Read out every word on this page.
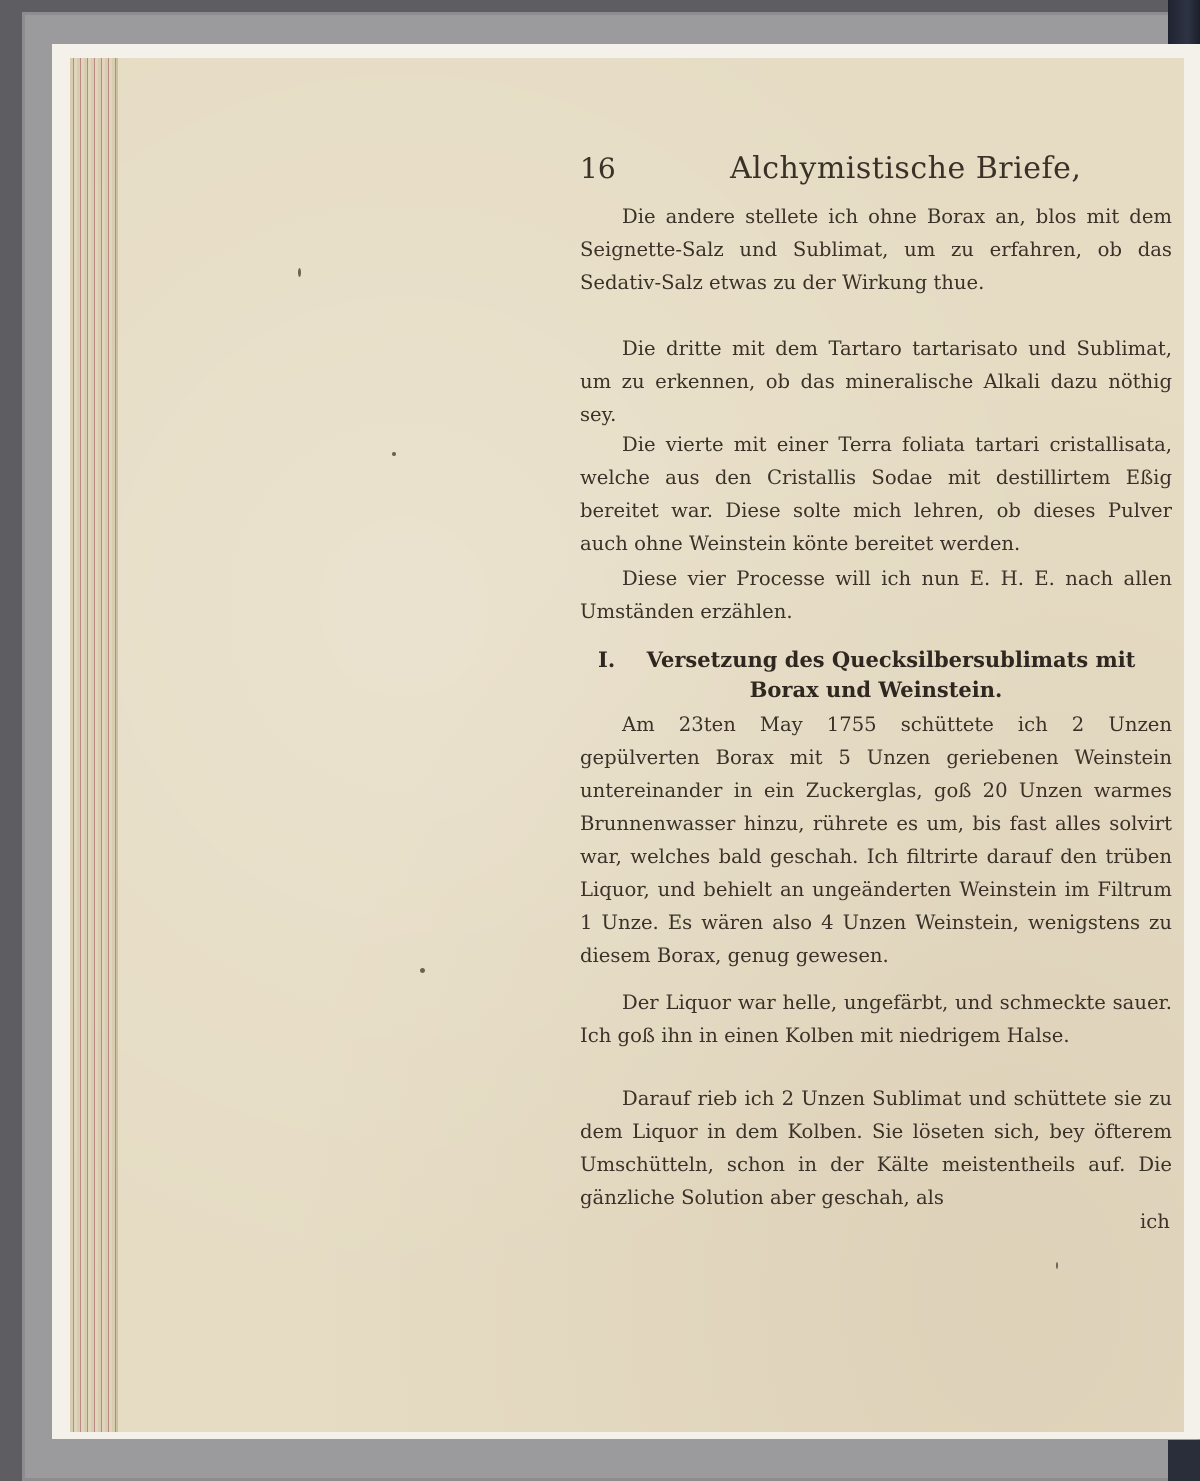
16	Alchymistische Briefe,

Die andere stellete ich ohne Borax an, blos mit dem Seignette-Salz und Sublimat, um zu erfahren, ob das Sedativ-Salz etwas zu der Wirkung thue.

Die dritte mit dem Tartaro tartarisato und Sublimat, um zu erkennen, ob das mineralische Alkali dazu nöthig sey.

Die vierte mit einer Terra foliata tartari cristallisata, welche aus den Cristallis Sodae mit destillirtem Eßig bereitet war. Diese solte mich lehren, ob dieses Pulver auch ohne Weinstein könte bereitet werden.

Diese vier Processe will ich nun E. H. E. nach allen Umständen erzählen.

I.	Versetzung des Quecksilbersublimats mit

Borax und Weinstein.

Am 23ten May 1755 schüttete ich 2 Unzen gepülverten Borax mit 5 Unzen geriebenen Weinstein untereinander in ein Zuckerglas, goß 20 Unzen warmes Brunnenwasser hinzu, rührete es um, bis fast alles solvirt war, welches bald geschah. Ich filtrirte darauf den trüben Liquor, und behielt an ungeänderten Weinstein im Filtrum 1 Unze. Es wären also 4 Unzen Weinstein, wenigstens zu diesem Borax, genug gewesen.

Der Liquor war helle, ungefärbt, und schmeckte sauer. Ich goß ihn in einen Kolben mit niedrigem Halse.

Darauf rieb ich 2 Unzen Sublimat und schüttete sie zu dem Liquor in dem Kolben. Sie löseten sich, bey öfterem Umschütteln, schon in der Kälte meistentheils auf. Die gänzliche Solution aber geschah, als

ich
